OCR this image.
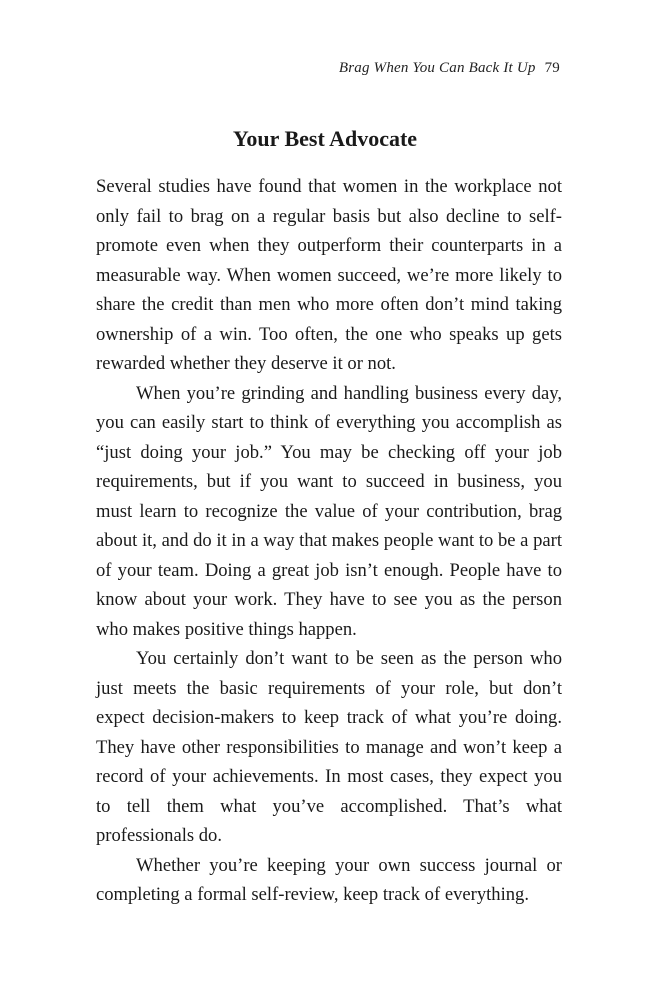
Brag When You Can Back It Up 79
Your Best Advocate

Several studies have found that women in the workplace not only fail to brag on a regular basis but also decline to self-promote even when they outperform their counterparts in a measurable way. When women succeed, we’re more likely to share the credit than men who more often don’t mind taking ownership of a win. Too often, the one who speaks up gets rewarded whether they deserve it or not.

When you’re grinding and handling business every day, you can easily start to think of everything you accomplish as “just doing your job.” You may be checking off your job requirements, but if you want to succeed in business, you must learn to recognize the value of your contribution, brag about it, and do it in a way that makes people want to be a part of your team. Doing a great job isn’t enough. People have to know about your work. They have to see you as the person who makes positive things happen.

You certainly don’t want to be seen as the person who just meets the basic requirements of your role, but don’t expect decision-makers to keep track of what you’re doing. They have other responsibilities to manage and won’t keep a record of your achievements. In most cases, they expect you to tell them what you’ve accomplished. That’s what professionals do.

Whether you’re keeping your own success journal or completing a formal self-review, keep track of everything.
